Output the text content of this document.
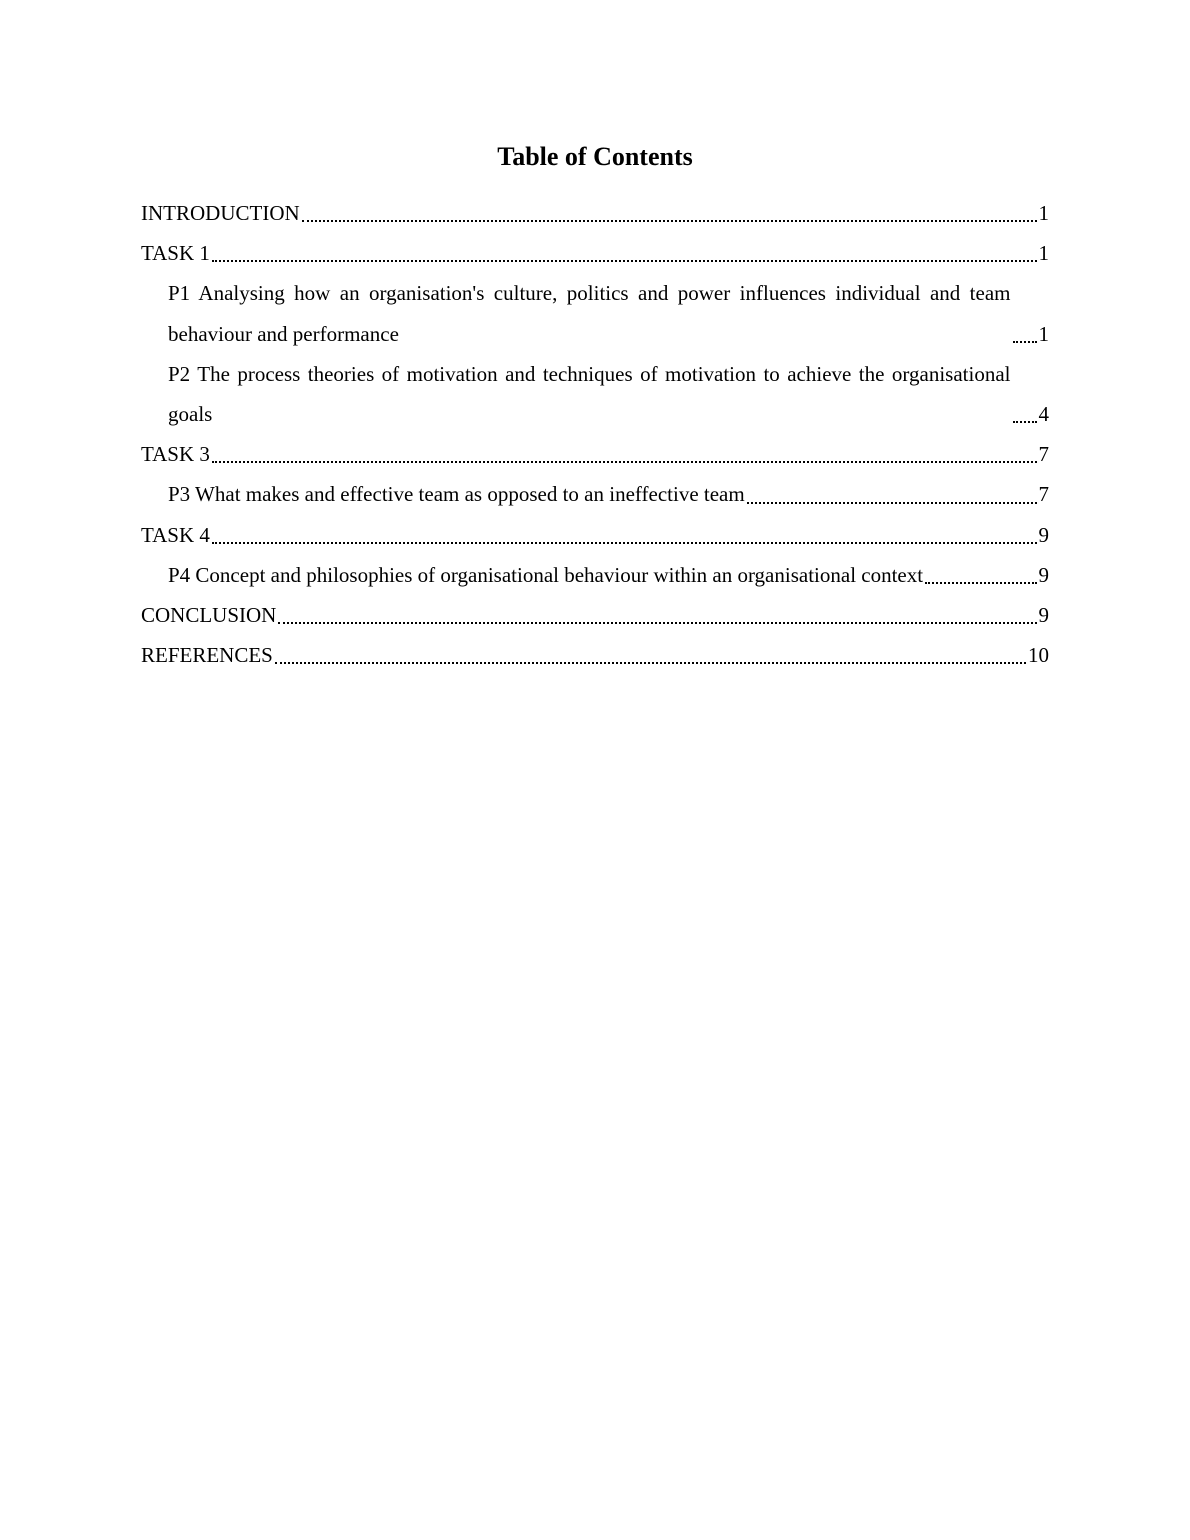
Table of Contents
INTRODUCTION	1
TASK 1	1
P1 Analysing how an organisation's culture, politics and power influences individual and team behaviour and performance	1
P2 The process theories of motivation and techniques of motivation to achieve the organisational goals	4
TASK 3	7
P3 What makes and effective team as opposed to an ineffective team	7
TASK 4	9
P4 Concept and philosophies of organisational behaviour within an organisational context	9
CONCLUSION	9
REFERENCES	10
